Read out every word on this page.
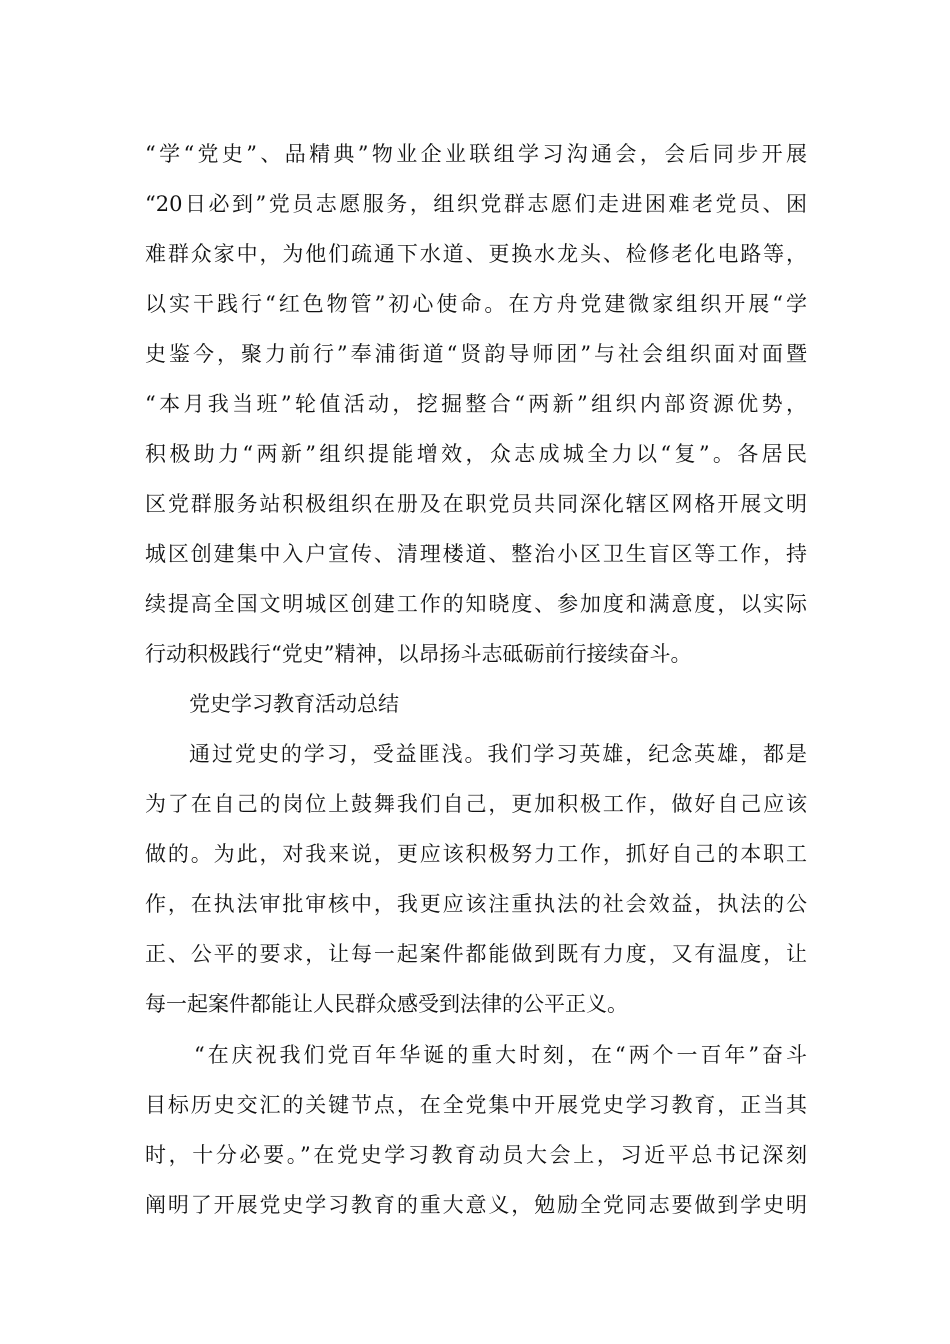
“学“党史”、品精典”物业企业联组学习沟通会，会后同步开展
“20日必到”党员志愿服务，组织党群志愿们走进困难老党员、困
难群众家中，为他们疏通下水道、更换水龙头、检修老化电路等，
以实干践行“红色物管”初心使命。在方舟党建微家组织开展“学
史鉴今，聚力前行”奉浦街道“贤韵导师团”与社会组织面对面暨
“本月我当班”轮值活动，挖掘整合“两新”组织内部资源优势，
积极助力“两新”组织提能增效，众志成城全力以“复”。各居民
区党群服务站积极组织在册及在职党员共同深化辖区网格开展文明
城区创建集中入户宣传、清理楼道、整治小区卫生盲区等工作，持
续提高全国文明城区创建工作的知晓度、参加度和满意度，以实际
行动积极践行“党史”精神，以昂扬斗志砥砺前行接续奋斗。
党史学习教育活动总结
通过党史的学习，受益匪浅。我们学习英雄，纪念英雄，都是
为了在自己的岗位上鼓舞我们自己，更加积极工作，做好自己应该
做的。为此，对我来说，更应该积极努力工作，抓好自己的本职工
作，在执法审批审核中，我更应该注重执法的社会效益，执法的公
正、公平的要求，让每一起案件都能做到既有力度，又有温度，让
每一起案件都能让人民群众感受到法律的公平正义。
“在庆祝我们党百年华诞的重大时刻，在“两个一百年”奋斗
目标历史交汇的关键节点，在全党集中开展党史学习教育，正当其
时，十分必要。”在党史学习教育动员大会上，习近平总书记深刻
阐明了开展党史学习教育的重大意义，勉励全党同志要做到学史明
